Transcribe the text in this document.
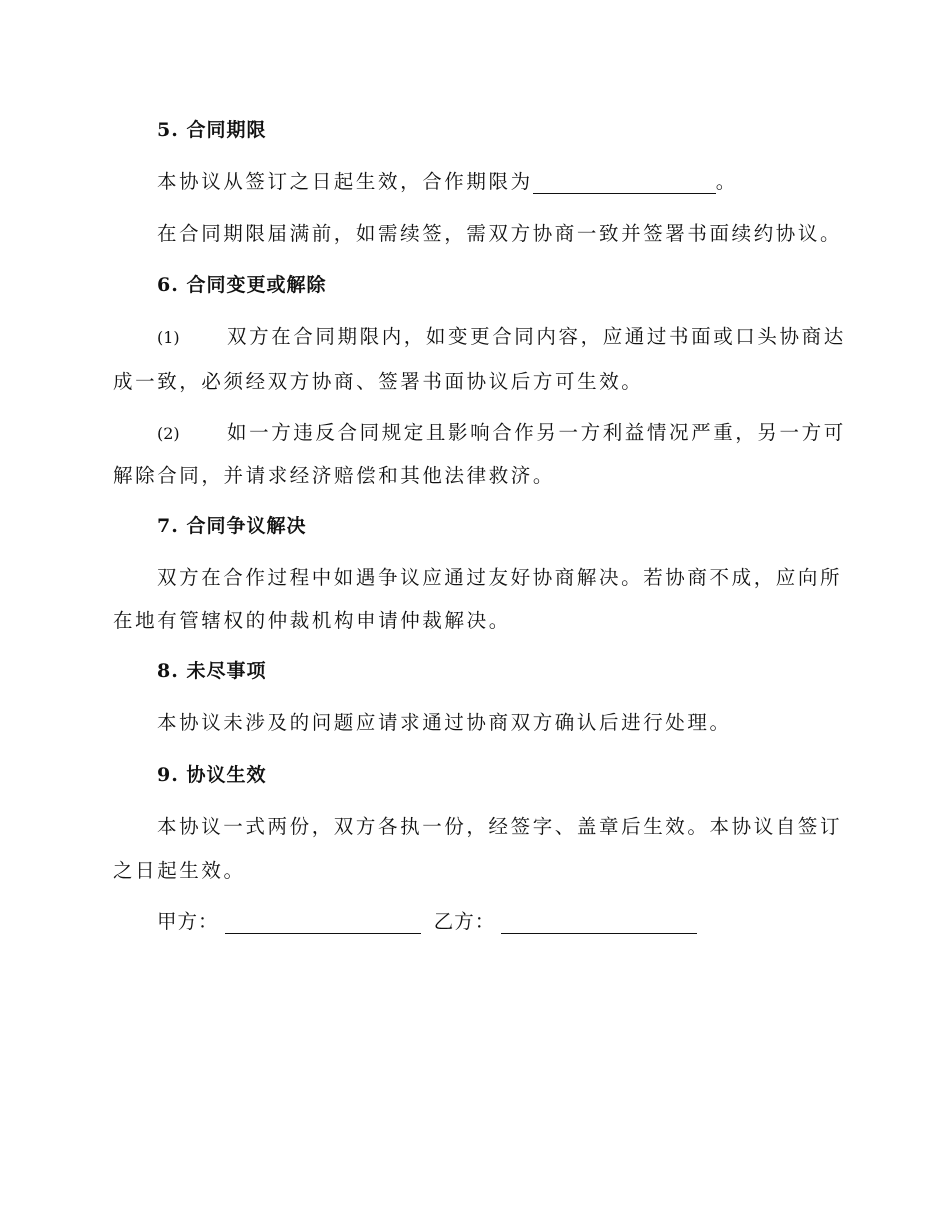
5. 合同期限
本协议从签订之日起生效，合作期限为	。
在合同期限届满前，如需续签，需双方协商一致并签署书面续约协议。
6. 合同变更或解除
(1) 双方在合同期限内，如变更合同内容，应通过书面或口头协商达
成一致，必须经双方协商、签署书面协议后方可生效。
(2) 如一方违反合同规定且影响合作另一方利益情况严重，另一方可
解除合同，并请求经济赔偿和其他法律救济。
7. 合同争议解决
双方在合作过程中如遇争议应通过友好协商解决。若协商不成，应向所
在地有管辖权的仲裁机构申请仲裁解决。
8. 未尽事项
本协议未涉及的问题应请求通过协商双方确认后进行处理。
9. 协议生效
本协议一式两份，双方各执一份，经签字、盖章后生效。本协议自签订
之日起生效。
甲方：	乙方：
